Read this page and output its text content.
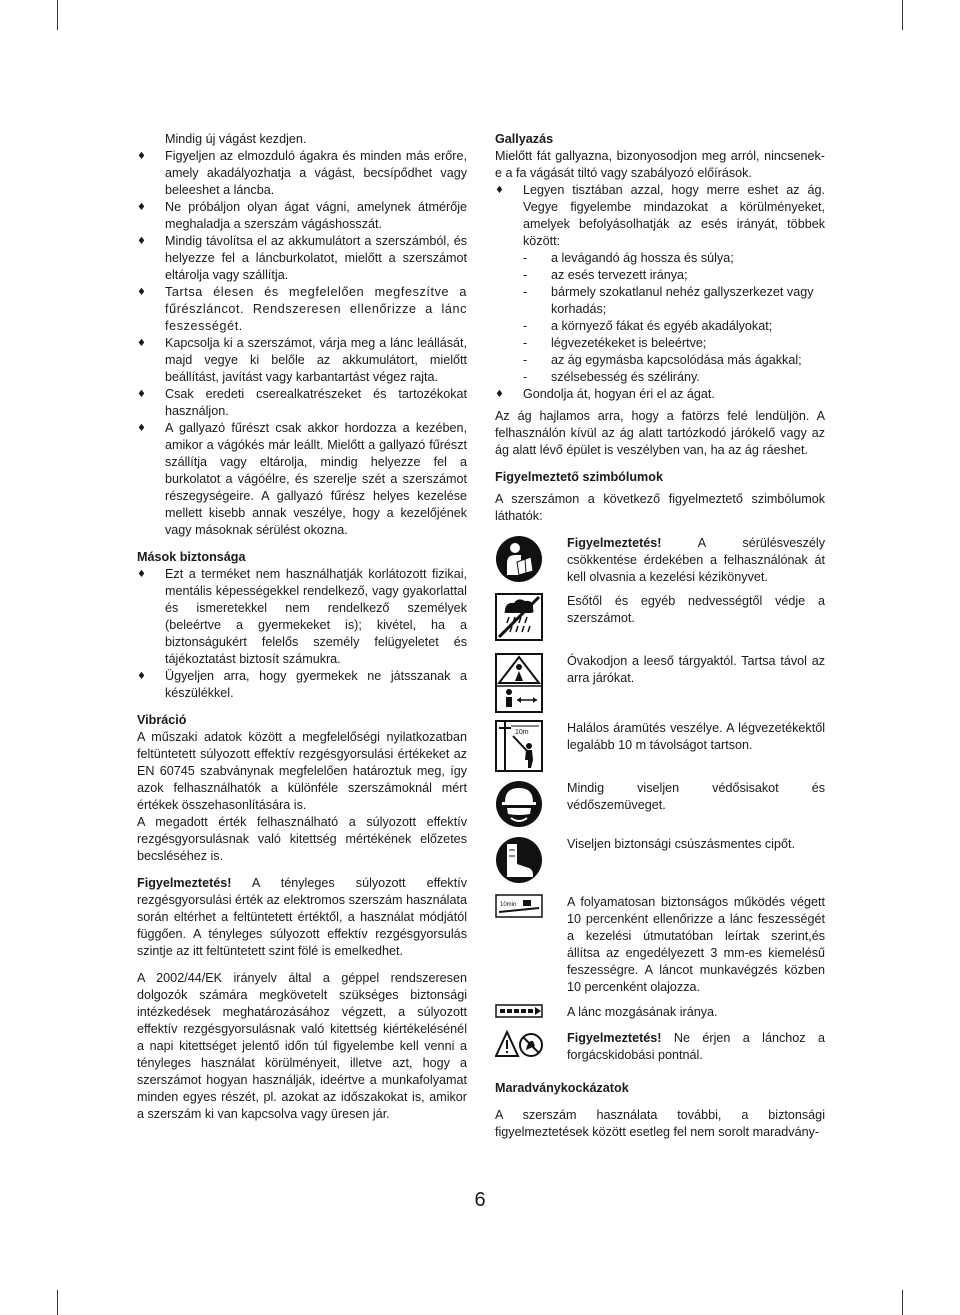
Mindig új vágást kezdjen.

♦ Figyeljen az elmozduló ágakra és minden más erőre, amely akadályozhatja a vágást, becsípődhet vagy beleeshet a láncba.
♦ Ne próbáljon olyan ágat vágni, amelynek átmérője meghaladja a szerszám vágáshosszát.
♦ Mindig távolítsa el az akkumulátort a szerszámból, és helyezze fel a láncburkolatot, mielőtt a szerszámot eltárolja vagy szállítja.
♦ Tartsa élesen és megfelelően megfeszítve a fűrészláncot. Rendszeresen ellenőrizze a lánc feszességét.
♦ Kapcsolja ki a szerszámot, várja meg a lánc leállását, majd vegye ki belőle az akkumulátort, mielőtt beállítást, javítást vagy karbantartást végez rajta.
♦ Csak eredeti cserealkatrészeket és tartozékokat használjon.
♦ A gallyazó fűrészt csak akkor hordozza a kezében, amikor a vágókés már leállt. Mielőtt a gallyazó fűrészt szállítja vagy eltárolja, mindig helyezze fel a burkolatot a vágóélre, és szerelje szét a szerszámot részegységeire. A gallyazó fűrész helyes kezelése mellett kisebb annak veszélye, hogy a kezelőjének vagy másoknak sérülést okozna.
Mások biztonsága
♦ Ezt a terméket nem használhatják korlátozott fizikai, mentális képességekkel rendelkező, vagy gyakorlattal és ismeretekkel nem rendelkező személyek (beleértve a gyermekeket is); kivétel, ha a biztonságukért felelős személy felügyeletet és tájékoztatást biztosít számukra.
♦ Ügyeljen arra, hogy gyermekek ne játsszanak a készülékkel.
Vibráció

A műszaki adatok között a megfelelőségi nyilatkozatban feltüntetett súlyozott effektív rezgésgyorsulási értékeket az EN 60745 szabványnak megfelelően határoztuk meg, így azok felhasználhatók a különféle szerszámoknál mért értékek összehasonlítására is.

A megadott érték felhasználható a súlyozott effektív rezgésgyorsulásnak való kitettség mértékének előzetes becsléséhez is.

Figyelmeztetés! A tényleges súlyozott effektív rezgésgyorsulási érték az elektromos szerszám használata során eltérhet a feltüntetett értéktől, a használat módjától függően. A tényleges súlyozott effektív rezgésgyorsulás szintje az itt feltüntetett szint fölé is emelkedhet.

A 2002/44/EK irányelv által a géppel rendszeresen dolgozók számára megkövetelt szükséges biztonsági intézkedések meghatározásához végzett, a súlyozott effektív rezgésgyorsulásnak való kitettség kiértékelésénél a napi kitettséget jelentő időn túl figyelembe kell venni a tényleges használat körülményeit, illetve azt, hogy a szerszámot hogyan használják, ideértve a munkafolyamat minden egyes részét, pl. azokat az időszakokat is, amikor a szerszám ki van kapcsolva vagy üresen jár.

Gallyazás

Mielőtt fát gallyazna, bizonyosodjon meg arról, nincsenek-e a fa vágását tiltó vagy szabályozó előírások.

♦ Legyen tisztában azzal, hogy merre eshet az ág. Vegye figyelembe mindazokat a körülményeket, amelyek befolyásolhatják az esés irányát, többek között:
- a levágandó ág hossza és súlya;
- az esés tervezett iránya;
- bármely szokatlanul nehéz gallyszerkezet vagy korhadás;
- a környező fákat és egyéb akadályokat;
- légvezetékeket is beleértve;
- az ág egymásba kapcsolódása más ágakkal;
- szélsebesség és szélirány.
♦ Gondolja át, hogyan éri el az ágat.

Az ág hajlamos arra, hogy a fatörzs felé lendüljön. A felhasználón kívül az ág alatt tartózkodó járókelő vagy az ág alatt lévő épület is veszélyben van, ha az ág ráeshet.

Figyelmeztető szimbólumok

A szerszámon a következő figyelmeztető szimbólumok láthatók:

Figyelmeztetés! A sérülésveszély csökkentése érdekében a felhasználónak át kell olvasnia a kezelési kézikönyvet.
Esőtől és egyéb nedvességtől védje a szerszámot.
Óvakodjon a leeső tárgyaktól. Tartsa távol az arra járókat.
10m	Halálos áramütés veszélye. A légvezetékektől legalább 10 m távolságot tartson.
Mindig viseljen védősisakot és védőszemüveget.
Viseljen biztonsági csúszásmentes cipőt.
10min	A folyamatosan biztonságos működés végett 10 percenként ellenőrizze a lánc feszességét a kezelési útmutatóban leírtak szerint,és állítsa az engedélyezett 3 mm-es kiemelésű feszességre. A láncot munkavégzés közben 10 percenként olajozza.
A lánc mozgásának iránya.
Figyelmeztetés! Ne érjen a lánchoz a forgácskidobási pontnál.
Maradványkockázatok

A szerszám használata további, a biztonsági figyelmeztetések között esetleg fel nem sorolt maradvány-

6
